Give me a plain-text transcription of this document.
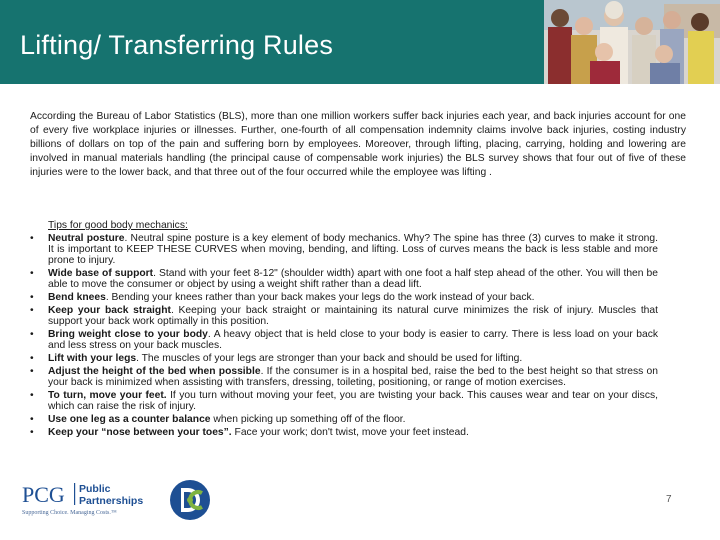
Lifting/ Transferring Rules
According the Bureau of Labor Statistics (BLS), more than one million workers suffer back injuries each year, and back injuries account for one of every five workplace injuries or illnesses. Further, one-fourth of all compensation indemnity claims involve back injuries, costing industry billions of dollars on top of the pain and suffering born by employees. Moreover, through lifting, placing, carrying, holding and lowering are involved in manual materials handling (the principal cause of compensable work injuries) the BLS survey shows that four out of five of these injuries were to the lower back, and that three out of the four occurred while the employee was lifting .
Tips for good body mechanics:
• Neutral posture. Neutral spine posture is a key element of body mechanics. Why? The spine has three (3) curves to make it strong. It is important to KEEP THESE CURVES when moving, bending, and lifting. Loss of curves means the back is less stable and more prone to injury.
• Wide base of support. Stand with your feet 8-12" (shoulder width) apart with one foot a half step ahead of the other. You will then be able to move the consumer or object by using a weight shift rather than a dead lift.
• Bend knees. Bending your knees rather than your back makes your legs do the work instead of your back.
• Keep your back straight. Keeping your back straight or maintaining its natural curve minimizes the risk of injury. Muscles that support your back work optimally in this position.
• Bring weight close to your body. A heavy object that is held close to your body is easier to carry. There is less load on your back and less stress on your back muscles.
• Lift with your legs. The muscles of your legs are stronger than your back and should be used for lifting.
• Adjust the height of the bed when possible. If the consumer is in a hospital bed, raise the bed to the best height so that stress on your back is minimized when assisting with transfers, dressing, toileting, positioning, or range of motion exercises.
• To turn, move your feet. If you turn without moving your feet, you are twisting your back. This causes wear and tear on your discs, which can raise the risk of injury.
• Use one leg as a counter balance when picking up something off of the floor.
• Keep your “nose between your toes”. Face your work; don't twist, move your feet instead.
PCG Public
Partnerships
Supporting Choice. Managing Costs.™
7
